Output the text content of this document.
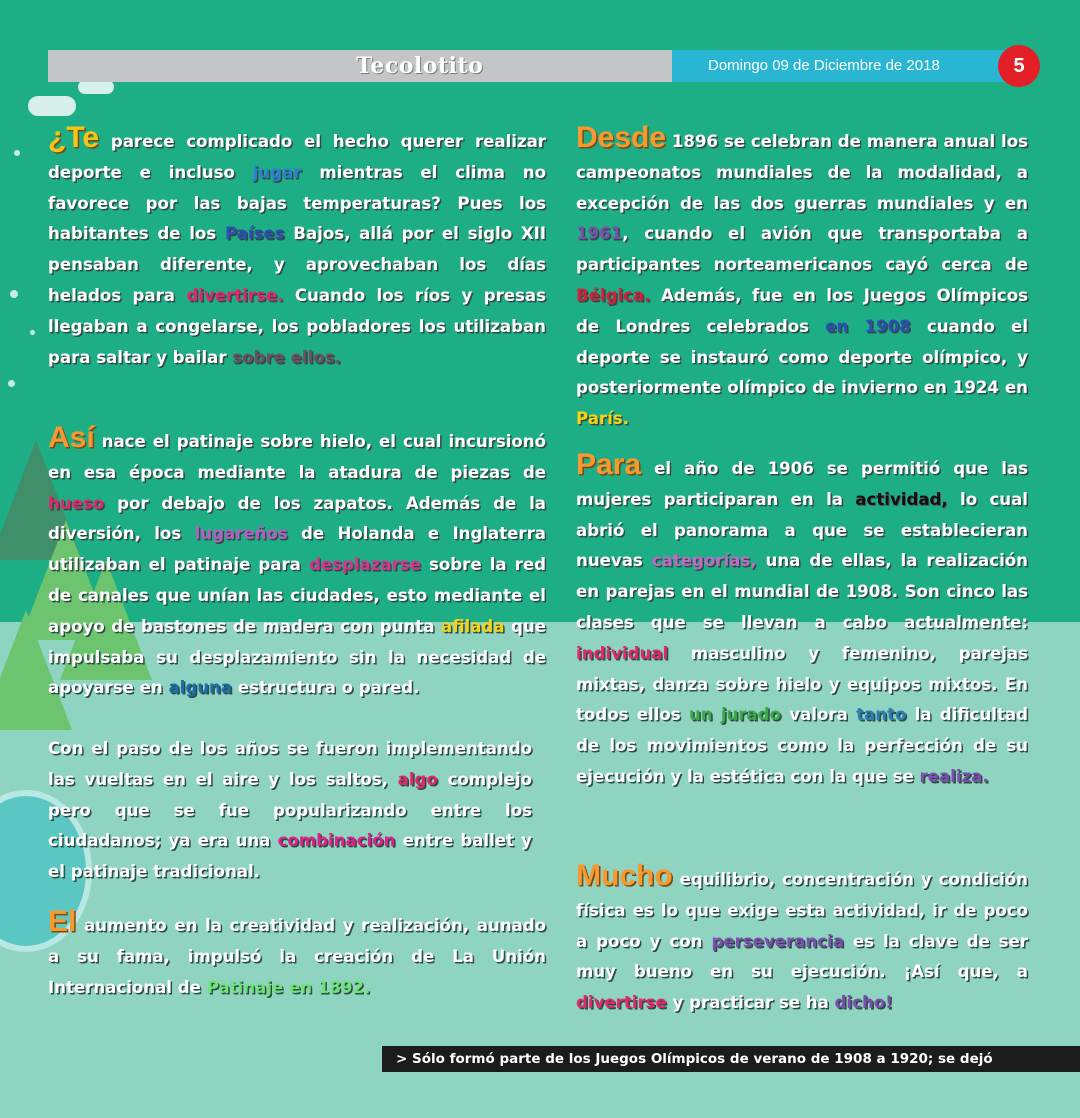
Tecolotito	Domingo 09 de Diciembre de 2018	5

¿Te parece complicado el hecho querer realizar deporte e incluso jugar mientras el clima no favorece por las bajas temperaturas? Pues los habitantes de los Países Bajos, allá por el siglo XII pensaban diferente, y aprovechaban los días helados para divertirse. Cuando los ríos y presas llegaban a congelarse, los pobladores los utilizaban para saltar y bailar sobre ellos.

Así nace el patinaje sobre hielo, el cual incursionó en esa época mediante la atadura de piezas de hueso por debajo de los zapatos. Además de la diversión, los lugareños de Holanda e Inglaterra utilizaban el patinaje para desplazarse sobre la red de canales que unían las ciudades, esto mediante el apoyo de bastones de madera con punta afilada que impulsaba su desplazamiento sin la necesidad de apoyarse en alguna estructura o pared.

Con el paso de los años se fueron implementando las vueltas en el aire y los saltos, algo complejo pero que se fue popularizando entre los ciudadanos; ya era una combinación entre ballet y el patinaje tradicional.

El aumento en la creatividad y realización, aunado a su fama, impulsó la creación de La Unión Internacional de Patinaje en 1892.

Desde 1896 se celebran de manera anual los campeonatos mundiales de la modalidad, a excepción de las dos guerras mundiales y en 1961, cuando el avión que transportaba a participantes norteamericanos cayó cerca de Bélgica. Además, fue en los Juegos Olímpicos de Londres celebrados en 1908 cuando el deporte se instauró como deporte olímpico, y posteriormente olímpico de invierno en 1924 en París.

Para el año de 1906 se permitió que las mujeres participaran en la actividad, lo cual abrió el panorama a que se establecieran nuevas categorías, una de ellas, la realización en parejas en el mundial de 1908. Son cinco las clases que se llevan a cabo actualmente: individual masculino y femenino, parejas mixtas, danza sobre hielo y equipos mixtos. En todos ellos un jurado valora tanto la dificultad de los movimientos como la perfección de su ejecución y la estética con la que se realiza.

Mucho equilibrio, concentración y condición física es lo que exige esta actividad, ir de poco a poco y con perseverancia es la clave de ser muy bueno en su ejecución. ¡Así que, a divertirse y practicar se ha dicho!

> Sólo formó parte de los Juegos Olímpicos de verano de 1908 a 1920; se dejó
